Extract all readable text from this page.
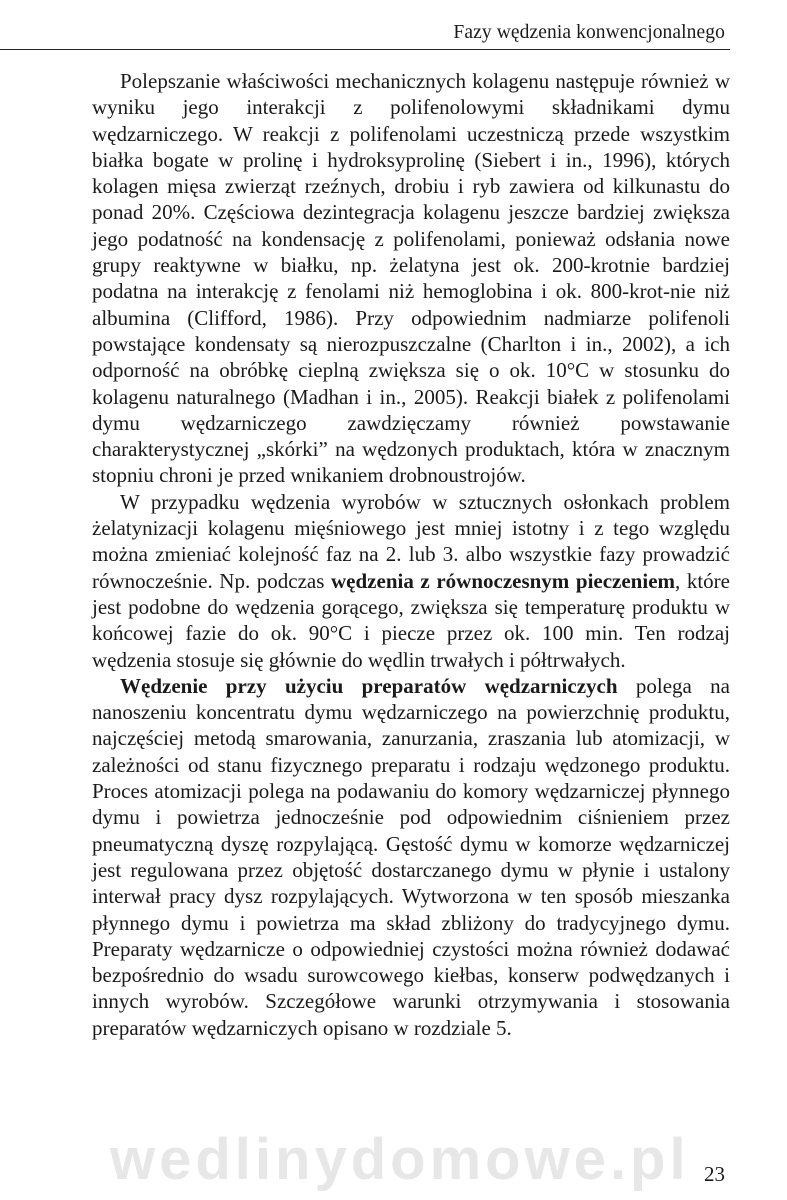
Fazy wędzenia konwencjonalnego

Polepszanie właściwości mechanicznych kolagenu następuje również w wyniku jego interakcji z polifenolowymi składnikami dymu wędzarniczego. W reakcji z polifenolami uczestniczą przede wszystkim białka bogate w prolinę i hydroksyprolinę (Siebert i in., 1996), których kolagen mięsa zwierząt rzeźnych, drobiu i ryb zawiera od kilkunastu do ponad 20%. Częściowa dezintegracja kolagenu jeszcze bardziej zwiększa jego podatność na kondensację z polifenolami, ponieważ odsłania nowe grupy reaktywne w białku, np. żelatyna jest ok. 200-krotnie bardziej podatna na interakcję z fenolami niż hemoglobina i ok. 800-krot-nie niż albumina (Clifford, 1986). Przy odpowiednim nadmiarze polifenoli powstające kondensaty są nierozpuszczalne (Charlton i in., 2002), a ich odporność na obróbkę cieplną zwiększa się o ok. 10°C w stosunku do kolagenu naturalnego (Madhan i in., 2005). Reakcji białek z polifenolami dymu wędzarniczego zawdzięczamy również powstawanie charakterystycznej „skórki” na wędzonych produktach, która w znacznym stopniu chroni je przed wnikaniem drobnoustrojów.

W przypadku wędzenia wyrobów w sztucznych osłonkach problem żelatynizacji kolagenu mięśniowego jest mniej istotny i z tego względu można zmieniać kolejność faz na 2. lub 3. albo wszystkie fazy prowadzić równocześnie. Np. podczas wędzenia z równoczesnym pieczeniem, które jest podobne do wędzenia gorącego, zwiększa się temperaturę produktu w końcowej fazie do ok. 90°C i piecze przez ok. 100 min. Ten rodzaj wędzenia stosuje się głównie do wędlin trwałych i półtrwałych.

Wędzenie przy użyciu preparatów wędzarniczych polega na nanoszeniu koncentratu dymu wędzarniczego na powierzchnię produktu, najczęściej metodą smarowania, zanurzania, zraszania lub atomizacji, w zależności od stanu fizycznego preparatu i rodzaju wędzonego produktu. Proces atomizacji polega na podawaniu do komory wędzarniczej płynnego dymu i powietrza jednocześnie pod odpowiednim ciśnieniem przez pneumatyczną dyszę rozpylającą. Gęstość dymu w komorze wędzarniczej jest regulowana przez objętość dostarczanego dymu w płynie i ustalony interwał pracy dysz rozpylających. Wytworzona w ten sposób mieszanka płynnego dymu i powietrza ma skład zbliżony do tradycyjnego dymu. Preparaty wędzarnicze o odpowiedniej czystości można również dodawać bezpośrednio do wsadu surowcowego kiełbas, konserw podwędzanych i innych wyrobów. Szczegółowe warunki otrzymywania i stosowania preparatów wędzarniczych opisano w rozdziale 5.

wedlinydomowe.pl 23
